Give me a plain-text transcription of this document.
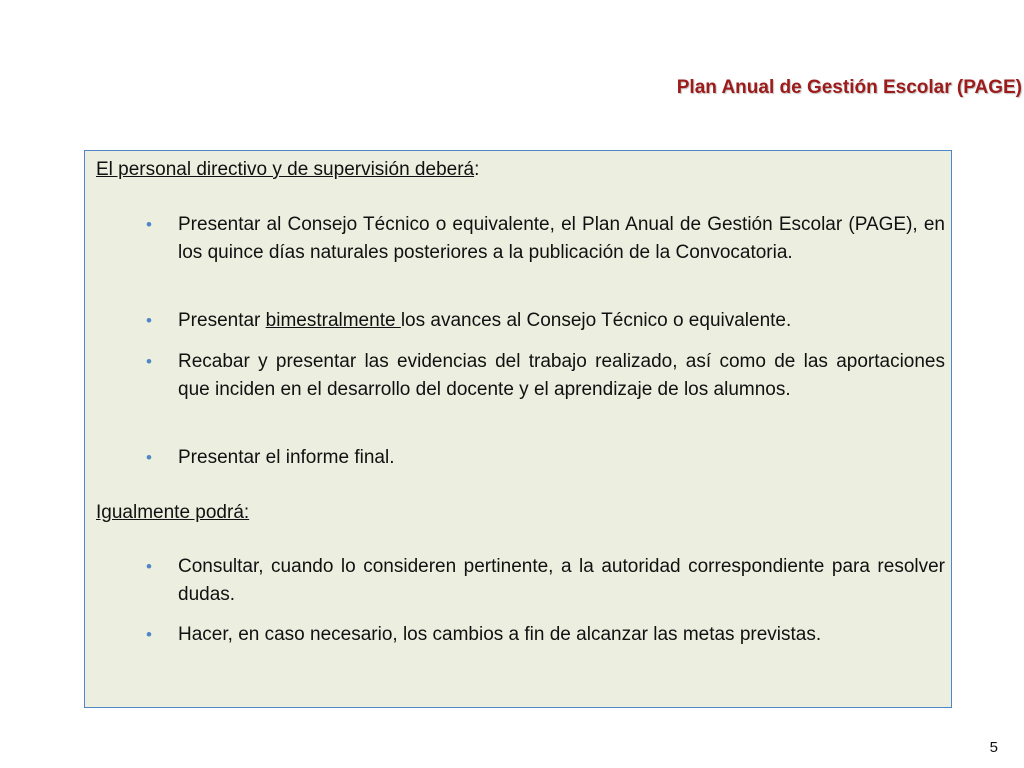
Plan Anual de Gestión Escolar (PAGE)
El personal directivo y de supervisión deberá:
• Presentar al Consejo Técnico o equivalente, el Plan Anual de Gestión Escolar (PAGE), en los quince días naturales posteriores a la publicación de la Convocatoria.
• Presentar bimestralmente los avances al Consejo Técnico o equivalente.
• Recabar y presentar las evidencias del trabajo realizado, así como de las aportaciones que inciden en el desarrollo del docente y el aprendizaje de los alumnos.
• Presentar el informe final.
Igualmente podrá:
• Consultar, cuando lo consideren pertinente, a la autoridad correspondiente para resolver dudas.
• Hacer, en caso necesario, los cambios a fin de alcanzar las metas previstas.
5
